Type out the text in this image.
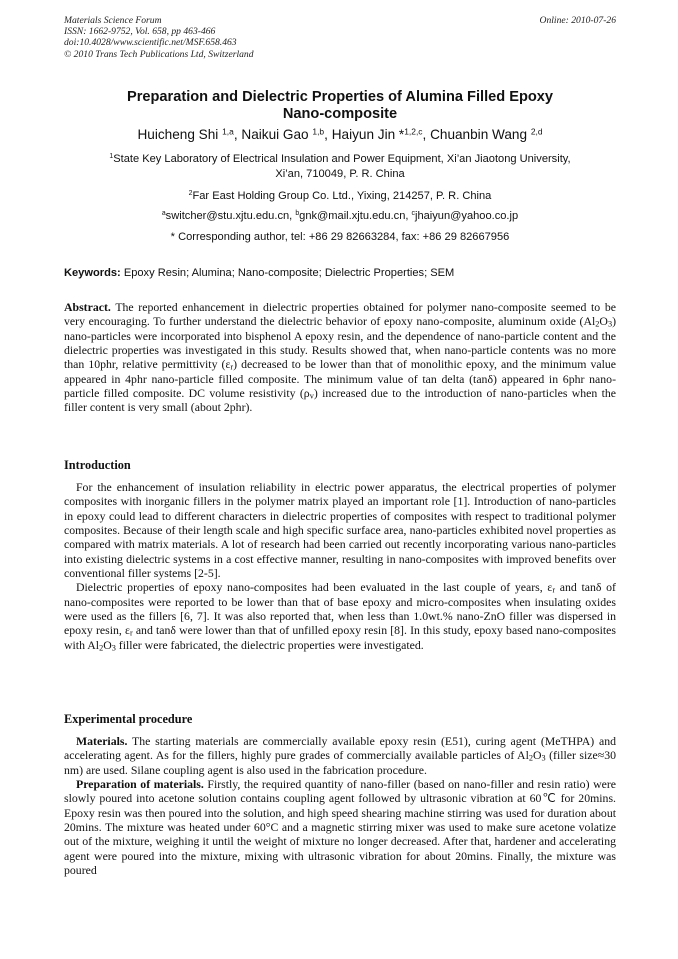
Materials Science Forum
ISSN: 1662-9752, Vol. 658, pp 463-466
doi:10.4028/www.scientific.net/MSF.658.463
© 2010 Trans Tech Publications Ltd, Switzerland
Online: 2010-07-26
Preparation and Dielectric Properties of Alumina Filled Epoxy
Nano-composite
Huicheng Shi $^{1,a}$, Naikui Gao $^{1,b}$, Haiyun Jin *$^{1,2,c}$, Chuanbin Wang $^{2,d}$
$^1$State Key Laboratory of Electrical Insulation and Power Equipment, Xi’an Jiaotong University,
Xi’an, 710049, P. R. China
$^2$Far East Holding Group Co. Ltd., Yixing, 214257, P. R. China
$^a$switcher@stu.xjtu.edu.cn, $^b$gnk@mail.xjtu.edu.cn, $^c$jhaiyun@yahoo.co.jp
* Corresponding author, tel: +86 29 82663284, fax: +86 29 82667956
Keywords: Epoxy Resin; Alumina; Nano-composite; Dielectric Properties; SEM

Abstract. The reported enhancement in dielectric properties obtained for polymer nano-composite seemed to be very encouraging. To further understand the dielectric behavior of epoxy nano-composite, aluminum oxide $(Al_2O_3)$ nano-particles were incorporated into bisphenol A epoxy resin, and the dependence of nano-particle content and the dielectric properties was investigated in this study. Results showed that, when nano-particle contents was no more than 10phr, relative permittivity $(\varepsilon_r)$ decreased to be lower than that of monolithic epoxy, and the minimum value appeared in 4phr nano-particle filled composite. The minimum value of tan delta (tanδ) appeared in 6phr nano-particle filled composite. DC volume resistivity $(\rho_v)$ increased due to the introduction of nano-particles when the filler content is very small (about 2phr).

Introduction

For the enhancement of insulation reliability in electric power apparatus, the electrical properties of polymer composites with inorganic fillers in the polymer matrix played an important role [1]. Introduction of nano-particles in epoxy could lead to different characters in dielectric properties of composites with respect to traditional polymer composites. Because of their length scale and high specific surface area, nano-particles exhibited novel properties as compared with matrix materials. A lot of research had been carried out recently incorporating various nano-particles into existing dielectric systems in a cost effective manner, resulting in nano-composites with improved benefits over conventional filler systems [2-5].

Dielectric properties of epoxy nano-composites had been evaluated in the last couple of years, $\varepsilon_r$ and tanδ of nano-composites were reported to be lower than that of base epoxy and micro-composites when insulating oxides were used as the fillers [6, 7]. It was also reported that, when less than 1.0wt.% nano-ZnO filler was dispersed in epoxy resin, $\varepsilon_r$ and tanδ were lower than that of unfilled epoxy resin [8]. In this study, epoxy based nano-composites with $Al_2O_3$ filler were fabricated, the dielectric properties were investigated.

Experimental procedure

Materials. The starting materials are commercially available epoxy resin (E51), curing agent (MeTHPA) and accelerating agent. As for the fillers, highly pure grades of commercially available particles of $Al_2O_3$ (filler size≈30 nm) are used. Silane coupling agent is also used in the fabrication procedure.

Preparation of materials. Firstly, the required quantity of nano-filler (based on nano-filler and resin ratio) were slowly poured into acetone solution contains coupling agent followed by ultrasonic vibration at 60℃ for 20mins. Epoxy resin was then poured into the solution, and high speed shearing machine stirring was used for duration about 20mins. The mixture was heated under 60°C and a magnetic stirring mixer was used to make sure acetone volatize out of the mixture, weighing it until the weight of mixture no longer decreased. After that, hardener and accelerating agent were poured into the mixture, mixing with ultrasonic vibration for about 20mins. Finally, the mixture was poured
